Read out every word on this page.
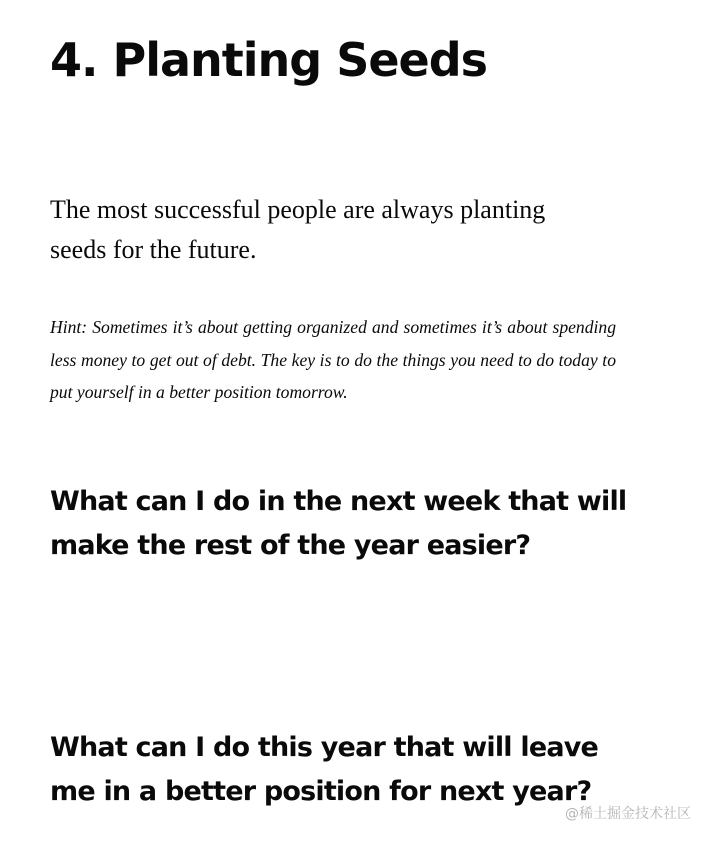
4. Planting Seeds

The most successful people are always planting seeds for the future.

Hint: Sometimes it’s about getting organized and sometimes it’s about spending less money to get out of debt. The key is to do the things you need to do today to put yourself in a better position tomorrow.

What can I do in the next week that will make the rest of the year easier?
What can I do this year that will leave me in a better position for next year?
@稀土掘金技术社区
